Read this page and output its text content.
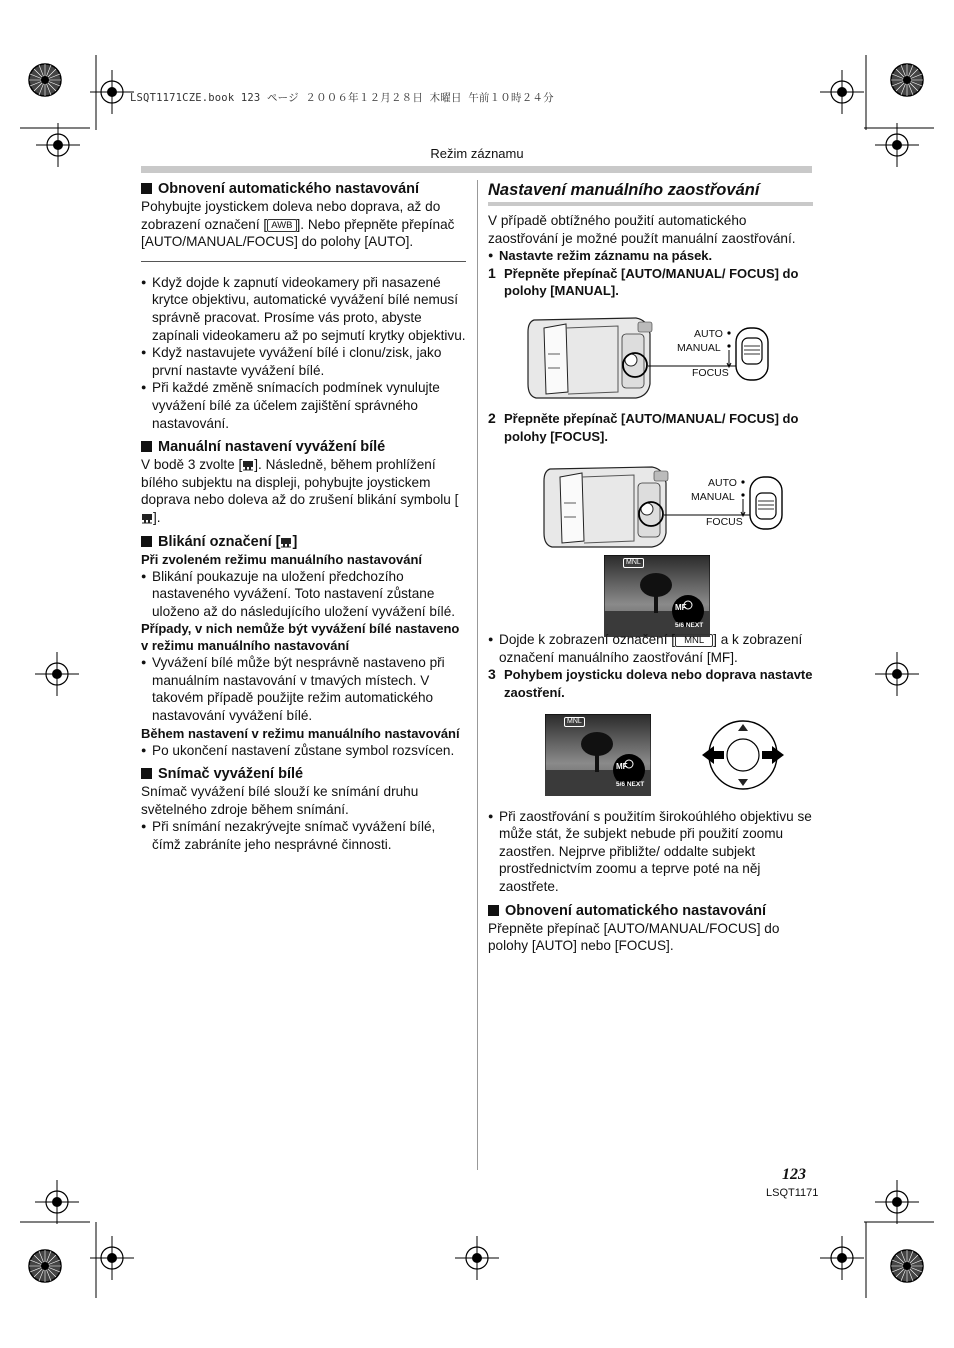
LSQT1171CZE.book 123 ページ ２００６年１２月２８日 木曜日 午前１０時２４分
Režim záznamu

Obnovení automatického nastavování

Pohybujte joystickem doleva nebo doprava, až do zobrazení označení [ AWB ]. Nebo přepněte přepínač [AUTO/MANUAL/FOCUS] do polohy [AUTO].

● Když dojde k zapnutí videokamery při nasazené krytce objektivu, automatické vyvážení bílé nemusí správně pracovat. Prosíme vás proto, abyste zapínali videokameru až po sejmutí krytky objektivu.

● Když nastavujete vyvážení bílé i clonu/zisk, jako první nastavte vyvážení bílé.

● Při každé změně snímacích podmínek vynulujte vyvážení bílé za účelem zajištění správného nastavování.

Manuální nastavení vyvážení bílé

V bodě 3 zvolte [ ]. Následně, během prohlížení bílého subjektu na displeji, pohybujte joystickem doprava nebo doleva až do zrušení blikání symbolu [].

Blikání označení [ ]

Při zvoleném režimu manuálního nastavování

● Blikání poukazuje na uložení předchozího nastaveného vyvážení. Toto nastavení zůstane uloženo až do následujícího uložení vyvážení bílé.

Případy, v nich nemůže být vyvážení bílé nastaveno v režimu manuálního nastavování

● Vyvážení bílé může být nesprávně nastaveno při manuálním nastavování v tmavých místech. V takovém případě použijte režim automatického nastavování vyvážení bílé.

Během nastavení v režimu manuálního nastavování

● Po ukončení nastavení zůstane symbol rozsvícen.

Snímač vyvážení bílé

Snímač vyvážení bílé slouží ke snímání druhu světelného zdroje během snímání.

● Při snímání nezakrývejte snímač vyvážení bílé, čímž zabráníte jeho nesprávné činnosti.

Nastavení manuálního zaostřování

V případě obtížného použití automatického zaostřování je možné použít manuální zaostřování.

● Nastavte režim záznamu na pásek.

1 Přepněte přepínač [AUTO/MANUAL/ FOCUS] do polohy [MANUAL].

AUTO
MANUAL
FOCUS

2 Přepněte přepínač [AUTO/MANUAL/ FOCUS] do polohy [FOCUS].

AUTO
MANUAL
FOCUS
MNL
MF
5/6 NEXT

● Dojde k zobrazení označení [ MNL ] a k zobrazení označení manuálního zaostřování [MF].

3 Pohybem joysticku doleva nebo doprava nastavte zaostření.

MNL
MF
5/6 NEXT

● Při zaostřování s použitím širokoúhlého objektivu se může stát, že subjekt nebude při použití zoomu zaostřen. Nejprve přibližte/ oddalte subjekt prostřednictvím zoomu a teprve poté na něj zaostřete.

Obnovení automatického nastavování

Přepněte přepínač [AUTO/MANUAL/FOCUS] do polohy [AUTO] nebo [FOCUS].

123
LSQT1171
